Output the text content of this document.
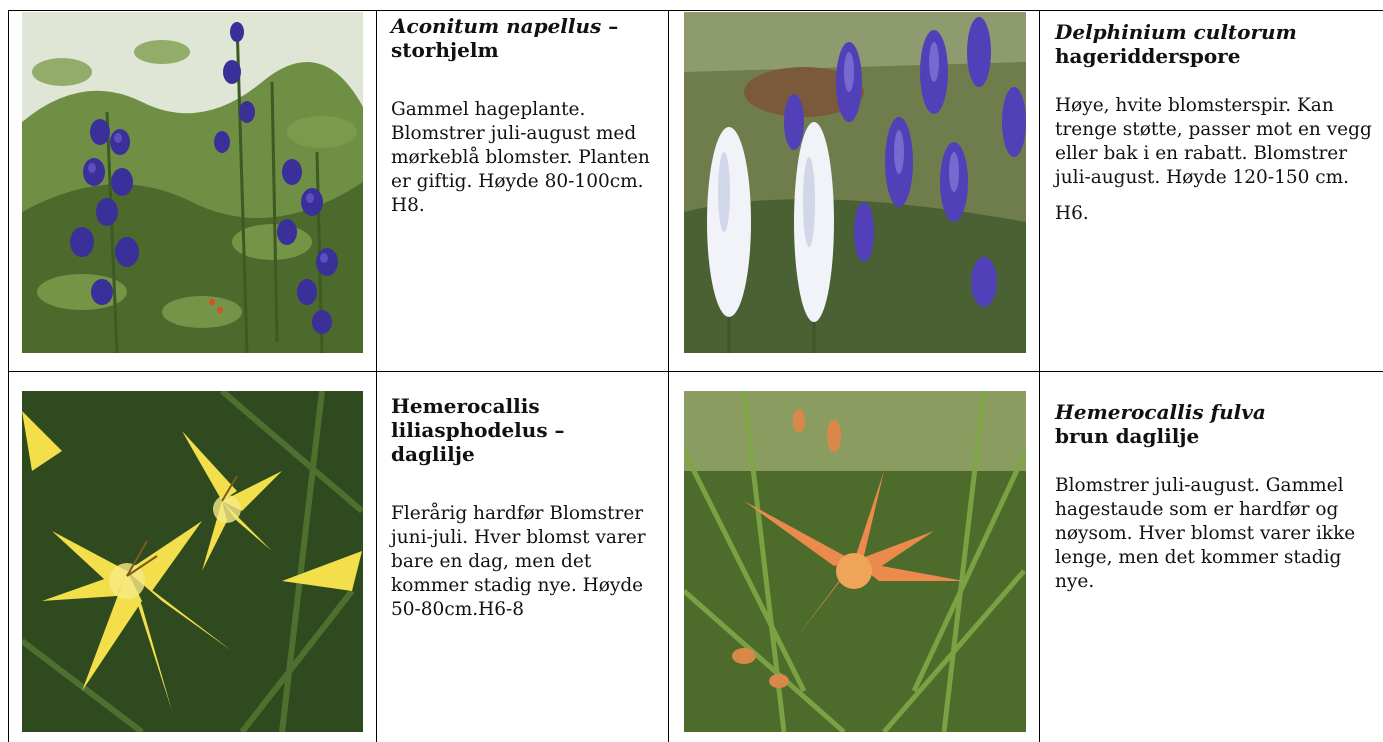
Aconitum napellus –
storhjelm

Gammel hageplante. Blomstrer juli-august med mørkeblå blomster. Planten er giftig. Høyde 80-100cm. H8.

Delphinium cultorum
hageridderspore

Høye, hvite blomsterspir. Kan trenge støtte, passer mot en vegg eller bak i en rabatt. Blomstrer juli-august. Høyde 120-150 cm.

H6.

Hemerocallis liliasphodelus –
daglilje

Flerårig hardfør Blomstrer juni-juli. Hver blomst varer bare en dag, men det kommer stadig nye. Høyde 50-80cm.H6-8

Hemerocallis fulva
brun daglilje

Blomstrer juli-august. Gammel hagestaude som er hardfør og nøysom. Hver blomst varer ikke lenge, men det kommer stadig nye.
